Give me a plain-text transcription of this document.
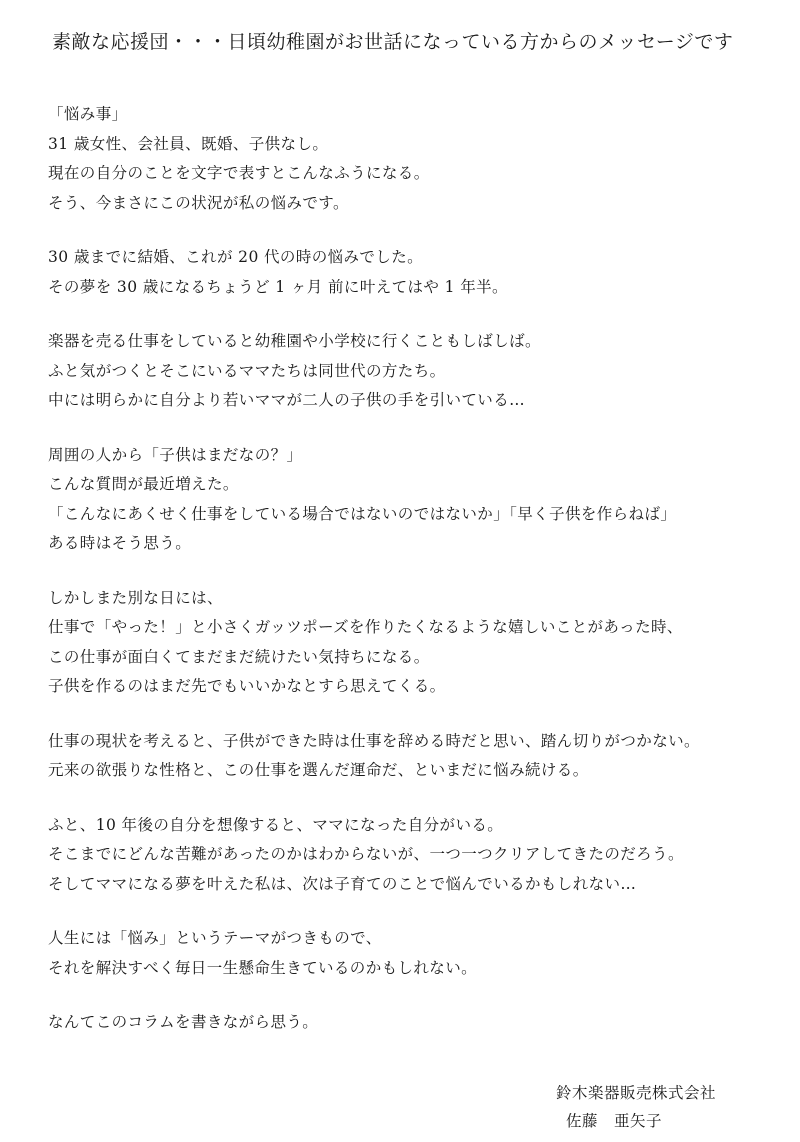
素敵な応援団・・・日頃幼稚園がお世話になっている方からのメッセージです
「悩み事」
31 歳女性、会社員、既婚、子供なし。
現在の自分のことを文字で表すとこんなふうになる。
そう、今まさにこの状況が私の悩みです。
30 歳までに結婚、これが 20 代の時の悩みでした。
その夢を 30 歳になるちょうど 1 ヶ月 前に叶えてはや 1 年半。
楽器を売る仕事をしていると幼稚園や小学校に行くこともしばしば。
ふと気がつくとそこにいるママたちは同世代の方たち。
中には明らかに自分より若いママが二人の子供の手を引いている…
周囲の人から「子供はまだなの？」
こんな質問が最近増えた。
「こんなにあくせく仕事をしている場合ではないのではないか」「早く子供を作らねば」
ある時はそう思う。
しかしまた別な日には、
仕事で「やった！」と小さくガッツポーズを作りたくなるような嬉しいことがあった時、
この仕事が面白くてまだまだ続けたい気持ちになる。
子供を作るのはまだ先でもいいかなとすら思えてくる。
仕事の現状を考えると、子供ができた時は仕事を辞める時だと思い、踏ん切りがつかない。
元来の欲張りな性格と、この仕事を選んだ運命だ、といまだに悩み続ける。
ふと、10 年後の自分を想像すると、ママになった自分がいる。
そこまでにどんな苦難があったのかはわからないが、一つ一つクリアしてきたのだろう。
そしてママになる夢を叶えた私は、次は子育てのことで悩んでいるかもしれない…
人生には「悩み」というテーマがつきもので、
それを解決すべく毎日一生懸命生きているのかもしれない。
なんてこのコラムを書きながら思う。
鈴木楽器販売株式会社
佐藤　亜矢子
